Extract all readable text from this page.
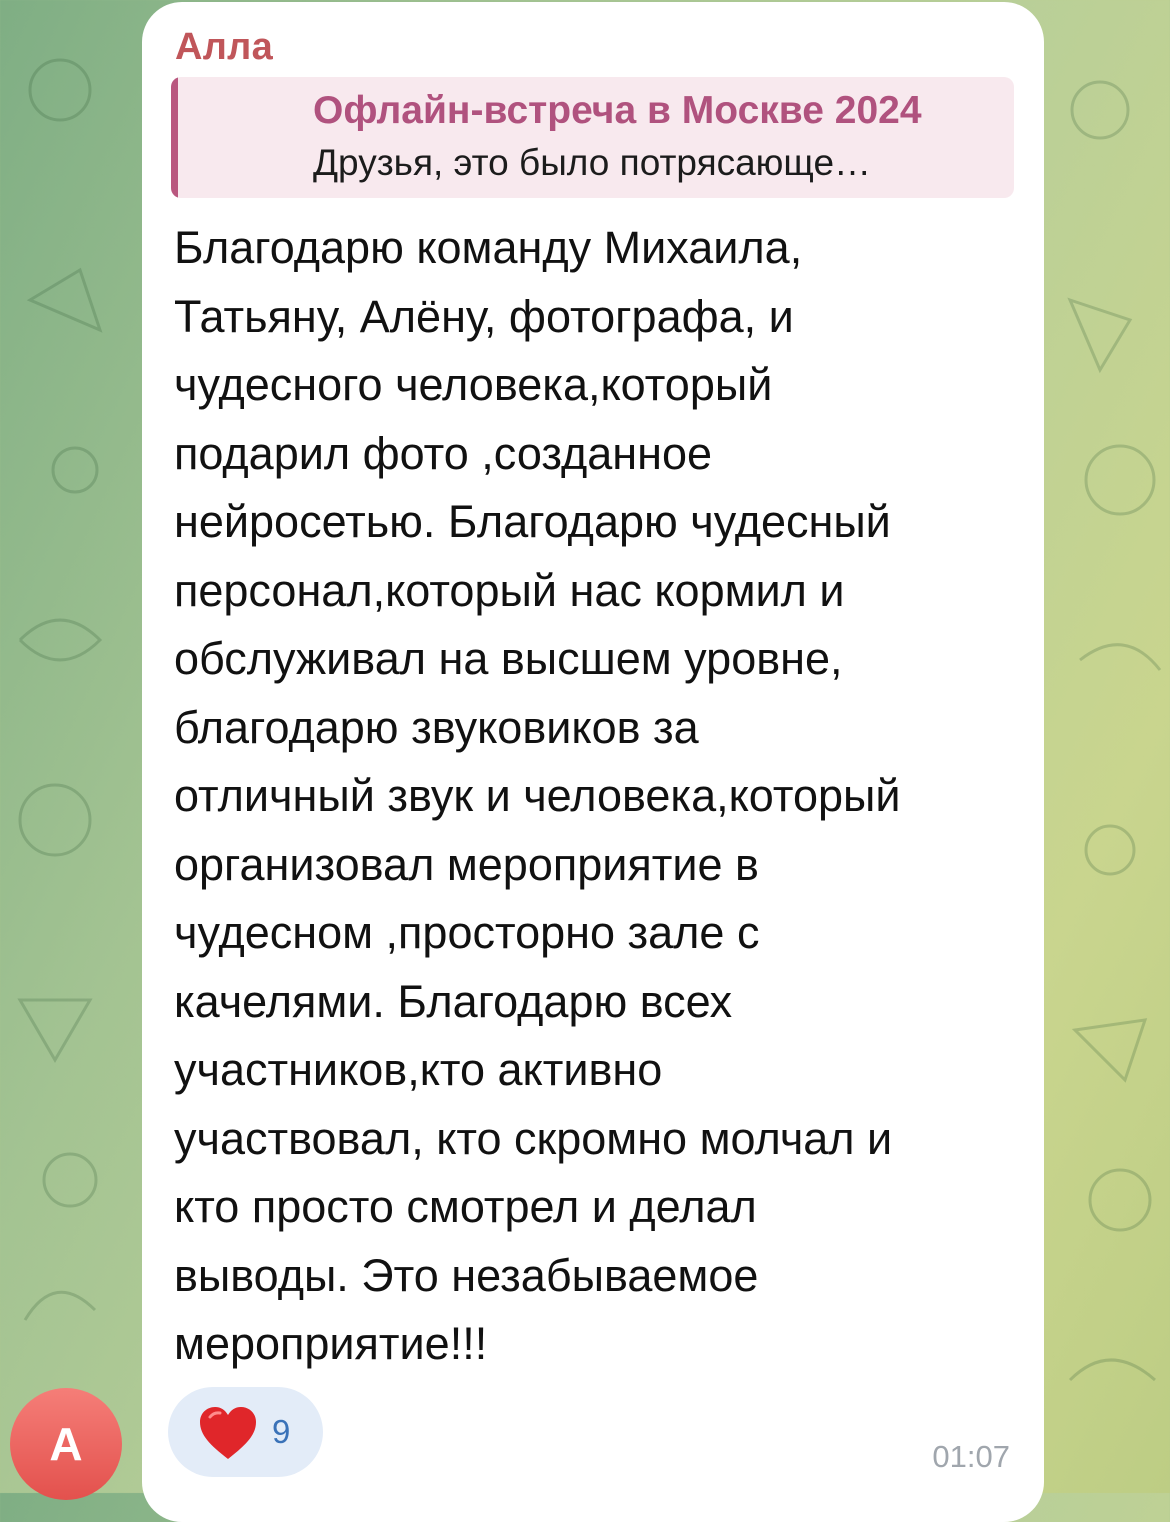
Алла
Офлайн-встреча в Москве 2024
Друзья, это было потрясающе…
Благодарю команду Михаила,
Татьяну, Алёну, фотографа, и
чудесного человека,который
подарил фото ,созданное
нейросетью. Благодарю чудесный
персонал,который нас кормил и
обслуживал на высшем уровне,
благодарю звуковиков за
отличный звук и человека,который
организовал мероприятие в
чудесном ,просторно зале с
качелями. Благодарю всех
участников,кто активно
участвовал, кто скромно молчал и
кто просто смотрел и делал
выводы. Это незабываемое
мероприятие!!!
9
01:07
А
